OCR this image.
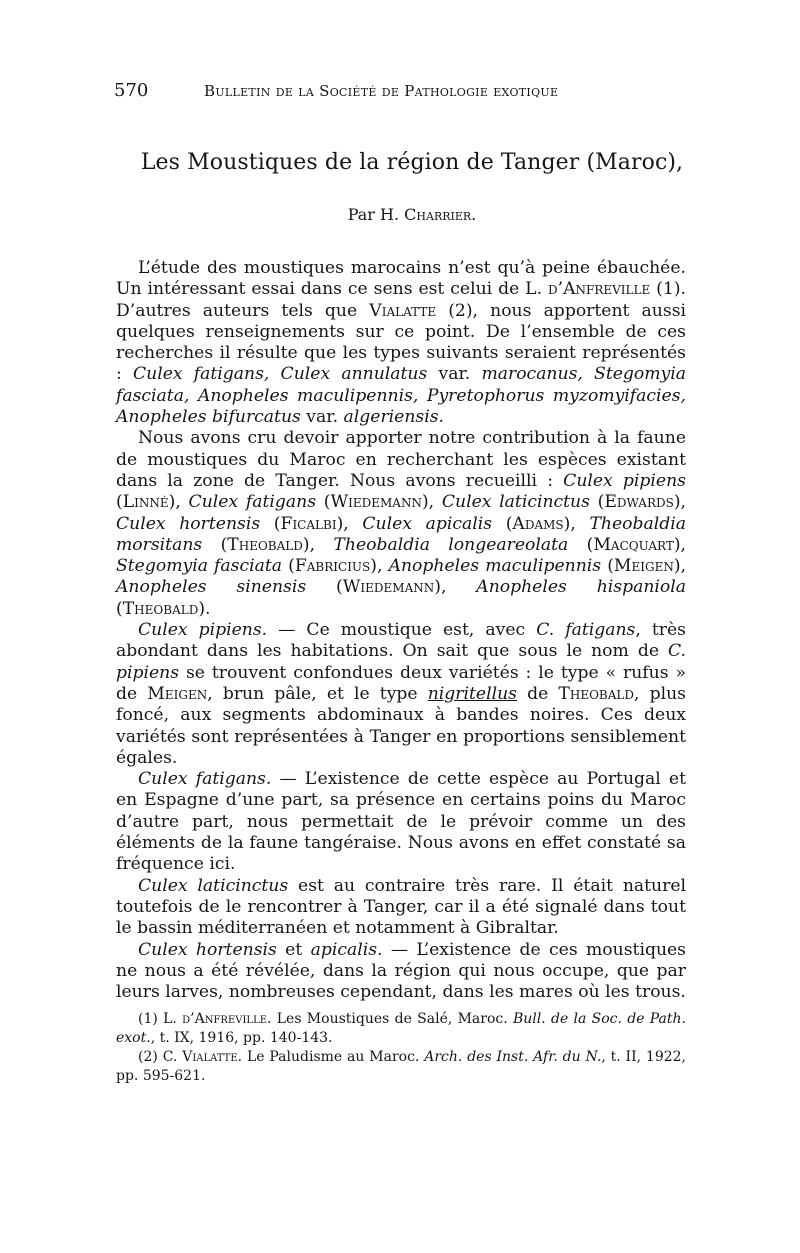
570	Bulletin de la Société de Pathologie exotique
Les Moustiques de la région de Tanger (Maroc),
Par H. Charrier.

L’étude des moustiques marocains n’est qu’à peine ébauchée. Un intéressant essai dans ce sens est celui de L. d’Anfreville (1). D’autres auteurs tels que Vialatte (2), nous apportent aussi quelques renseignements sur ce point. De l’ensemble de ces recherches il résulte que les types suivants seraient représentés : Culex fatigans, Culex annulatus var. marocanus, Stegomyia fasciata, Anopheles maculipennis, Pyretophorus myzomyifacies, Anopheles bifurcatus var. algeriensis.

Nous avons cru devoir apporter notre contribution à la faune de moustiques du Maroc en recherchant les espèces existant dans la zone de Tanger. Nous avons recueilli : Culex pipiens (Linné), Culex fatigans (Wiedemann), Culex laticinctus (Edwards), Culex hortensis (Ficalbi), Culex apicalis (Adams), Theobaldia morsitans (Theobald), Theobaldia longeareolata (Macquart), Stegomyia fasciata (Fabricius), Anopheles maculipennis (Meigen), Anopheles sinensis (Wiedemann), Anopheles hispaniola (Theobald).

Culex pipiens. — Ce moustique est, avec C. fatigans, très abondant dans les habitations. On sait que sous le nom de C. pipiens se trouvent confondues deux variétés : le type « rufus » de Meigen, brun pâle, et le type nigritellus de Theobald, plus foncé, aux segments abdominaux à bandes noires. Ces deux variétés sont représentées à Tanger en proportions sensiblement égales.

Culex fatigans. — L’existence de cette espèce au Portugal et en Espagne d’une part, sa présence en certains poins du Maroc d’autre part, nous permettait de le prévoir comme un des éléments de la faune tangéraise. Nous avons en effet constaté sa fréquence ici.

Culex laticinctus est au contraire très rare. Il était naturel toutefois de le rencontrer à Tanger, car il a été signalé dans tout le bassin méditerranéen et notamment à Gibraltar.

Culex hortensis et apicalis. — L’existence de ces moustiques ne nous a été révélée, dans la région qui nous occupe, que par leurs larves, nombreuses cependant, dans les mares où les trous.

(1) L. d’Anfreville. Les Moustiques de Salé, Maroc. Bull. de la Soc. de Path. exot., t. IX, 1916, pp. 140-143.

(2) C. Vialatte. Le Paludisme au Maroc. Arch. des Inst. Afr. du N., t. II, 1922, pp. 595-621.
